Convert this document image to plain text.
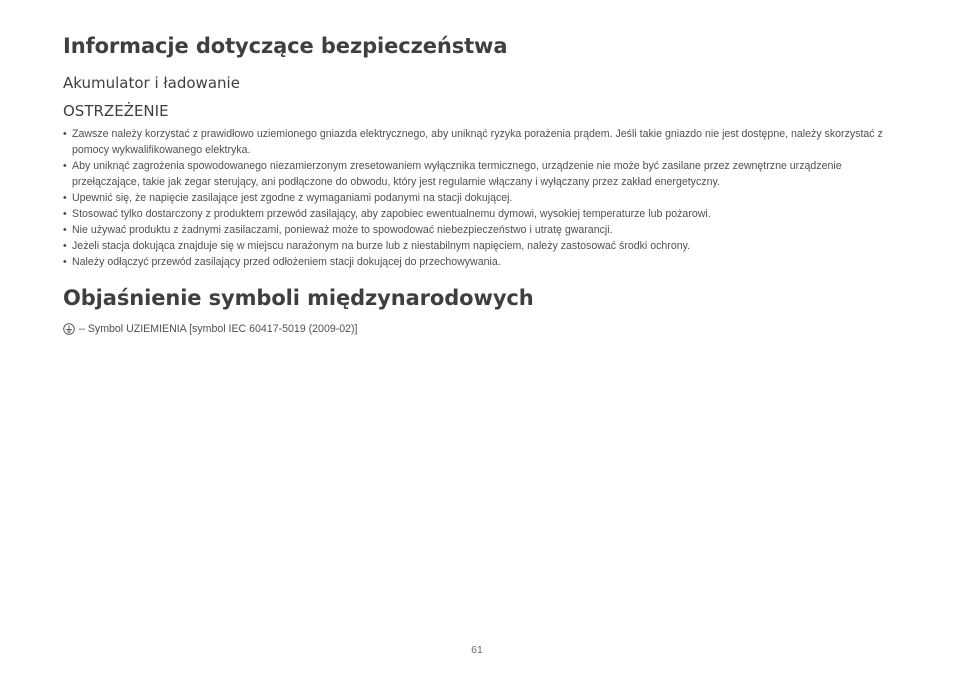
Informacje dotyczące bezpieczeństwa
Akumulator i ładowanie
OSTRZEŻENIE
• Zawsze należy korzystać z prawidłowo uziemionego gniazda elektrycznego, aby uniknąć ryzyka porażenia prądem. Jeśli takie gniazdo nie jest dostępne, należy skorzystać z pomocy wykwalifikowanego elektryka.
• Aby uniknąć zagrożenia spowodowanego niezamierzonym zresetowaniem wyłącznika termicznego, urządzenie nie może być zasilane przez zewnętrzne urządzenie przełączające, takie jak zegar sterujący, ani podłączone do obwodu, który jest regularnie włączany i wyłączany przez zakład energetyczny.
• Upewnić się, że napięcie zasilające jest zgodne z wymaganiami podanymi na stacji dokującej.
• Stosować tylko dostarczony z produktem przewód zasilający, aby zapobiec ewentualnemu dymowi, wysokiej temperaturze lub pożarowi.
• Nie używać produktu z żadnymi zasilaczami, ponieważ może to spowodować niebezpieczeństwo i utratę gwarancji.
• Jeżeli stacja dokująca znajduje się w miejscu narażonym na burze lub z niestabilnym napięciem, należy zastosować środki ochrony.
• Należy odłączyć przewód zasilający przed odłożeniem stacji dokującej do przechowywania.
Objaśnienie symboli międzynarodowych
– Symbol UZIEMIENIA [symbol IEC 60417-5019 (2009-02)]
61
